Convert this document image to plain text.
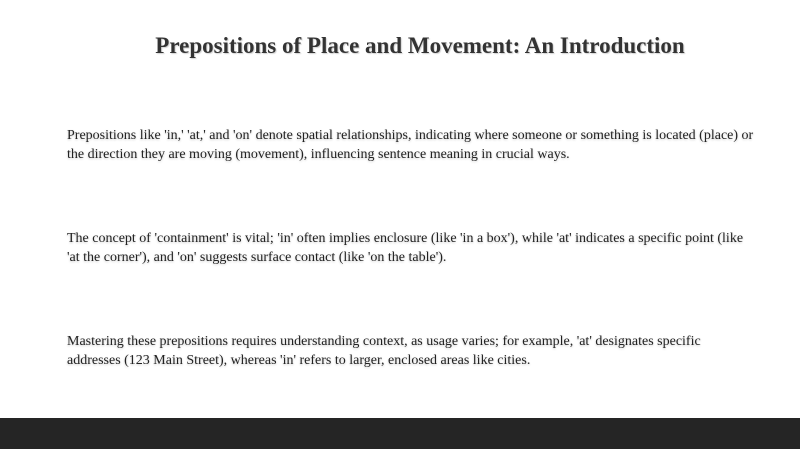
Prepositions of Place and Movement: An Introduction

Prepositions like 'in,' 'at,' and 'on' denote spatial relationships, indicating where someone or something is located (place) or the direction they are moving (movement), influencing sentence meaning in crucial ways.

The concept of 'containment' is vital; 'in' often implies enclosure (like 'in a box'), while 'at' indicates a specific point (like 'at the corner'), and 'on' suggests surface contact (like 'on the table').

Mastering these prepositions requires understanding context, as usage varies; for example, 'at' designates specific addresses (123 Main Street), whereas 'in' refers to larger, enclosed areas like cities.
